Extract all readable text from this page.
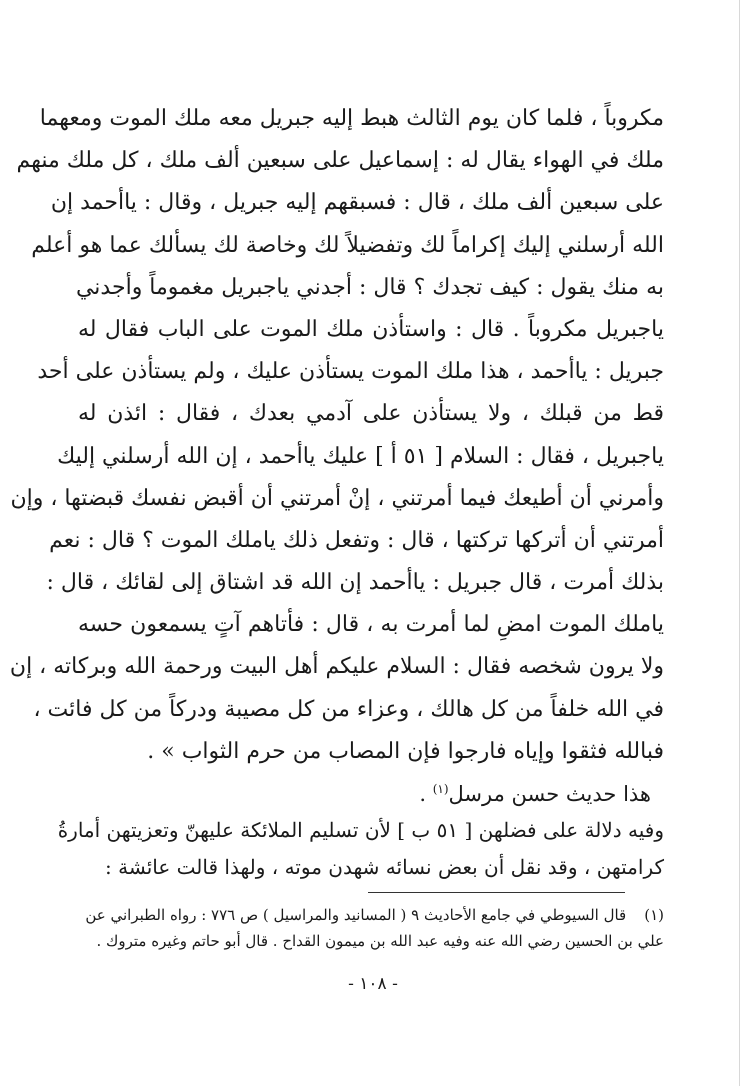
مكروباً ، فلما كان يوم الثالث هبط إليه جبريل معه ملك الموت ومعهما
ملك في الهواء يقال له : إسماعيل على سبعين ألف ملك ، كل ملك منهم
على سبعين ألف ملك ، قال : فسبقهم إليه جبريل ، وقال : ياأحمد إن
الله أرسلني إليك إكراماً لك وتفضيلاً لك وخاصة لك يسألك عما هو أعلم
به منك يقول : كيف تجدك ؟ قال : أجدني ياجبريل مغموماً وأجدني
ياجبريل مكروباً . قال : واستأذن ملك الموت على الباب فقال له
جبريل : ياأحمد ، هذا ملك الموت يستأذن عليك ، ولم يستأذن على أحد
قط من قبلك ، ولا يستأذن على آدمي بعدك ، فقال : ائذن له
ياجبريل ، فقال : السلام [ ٥١ أ ] عليك ياأحمد ، إن الله أرسلني إليك
وأمرني أن أطيعك فيما أمرتني ، إنْ أمرتني أن أقبض نفسك قبضتها ، وإن
أمرتني أن أتركها تركتها ، قال : وتفعل ذلك ياملك الموت ؟ قال : نعم
بذلك أمرت ، قال جبريل : ياأحمد إن الله قد اشتاق إلى لقائك ، قال :
ياملك الموت امضِ لما أمرت به ، قال : فأتاهم آتٍ يسمعون حسه
ولا يرون شخصه فقال : السلام عليكم أهل البيت ورحمة الله وبركاته ، إن
في الله خلفاً من كل هالك ، وعزاء من كل مصيبة ودركاً من كل فائت ،
فبالله فثقوا وإياه فارجوا فإن المصاب من حرم الثواب » .
هذا حديث حسن مرسل$^{(١)}$ .
وفيه دلالة على فضلهن [ ٥١ ب ] لأن تسليم الملائكة عليهنّ وتعزيتهن أمارةُ
كرامتهن ، وقد نقل أن بعض نسائه شهدن موته ، ولهذا قالت عائشة :
(١)قال السيوطي في جامع الأحاديث ٩ ( المسانيد والمراسيل ) ص ٧٧٦ : رواه الطبراني عن
علي بن الحسين رضي الله عنه وفيه عبد الله بن ميمون القداح . قال أبو حاتم وغيره متروك .
- ١٠٨ -
